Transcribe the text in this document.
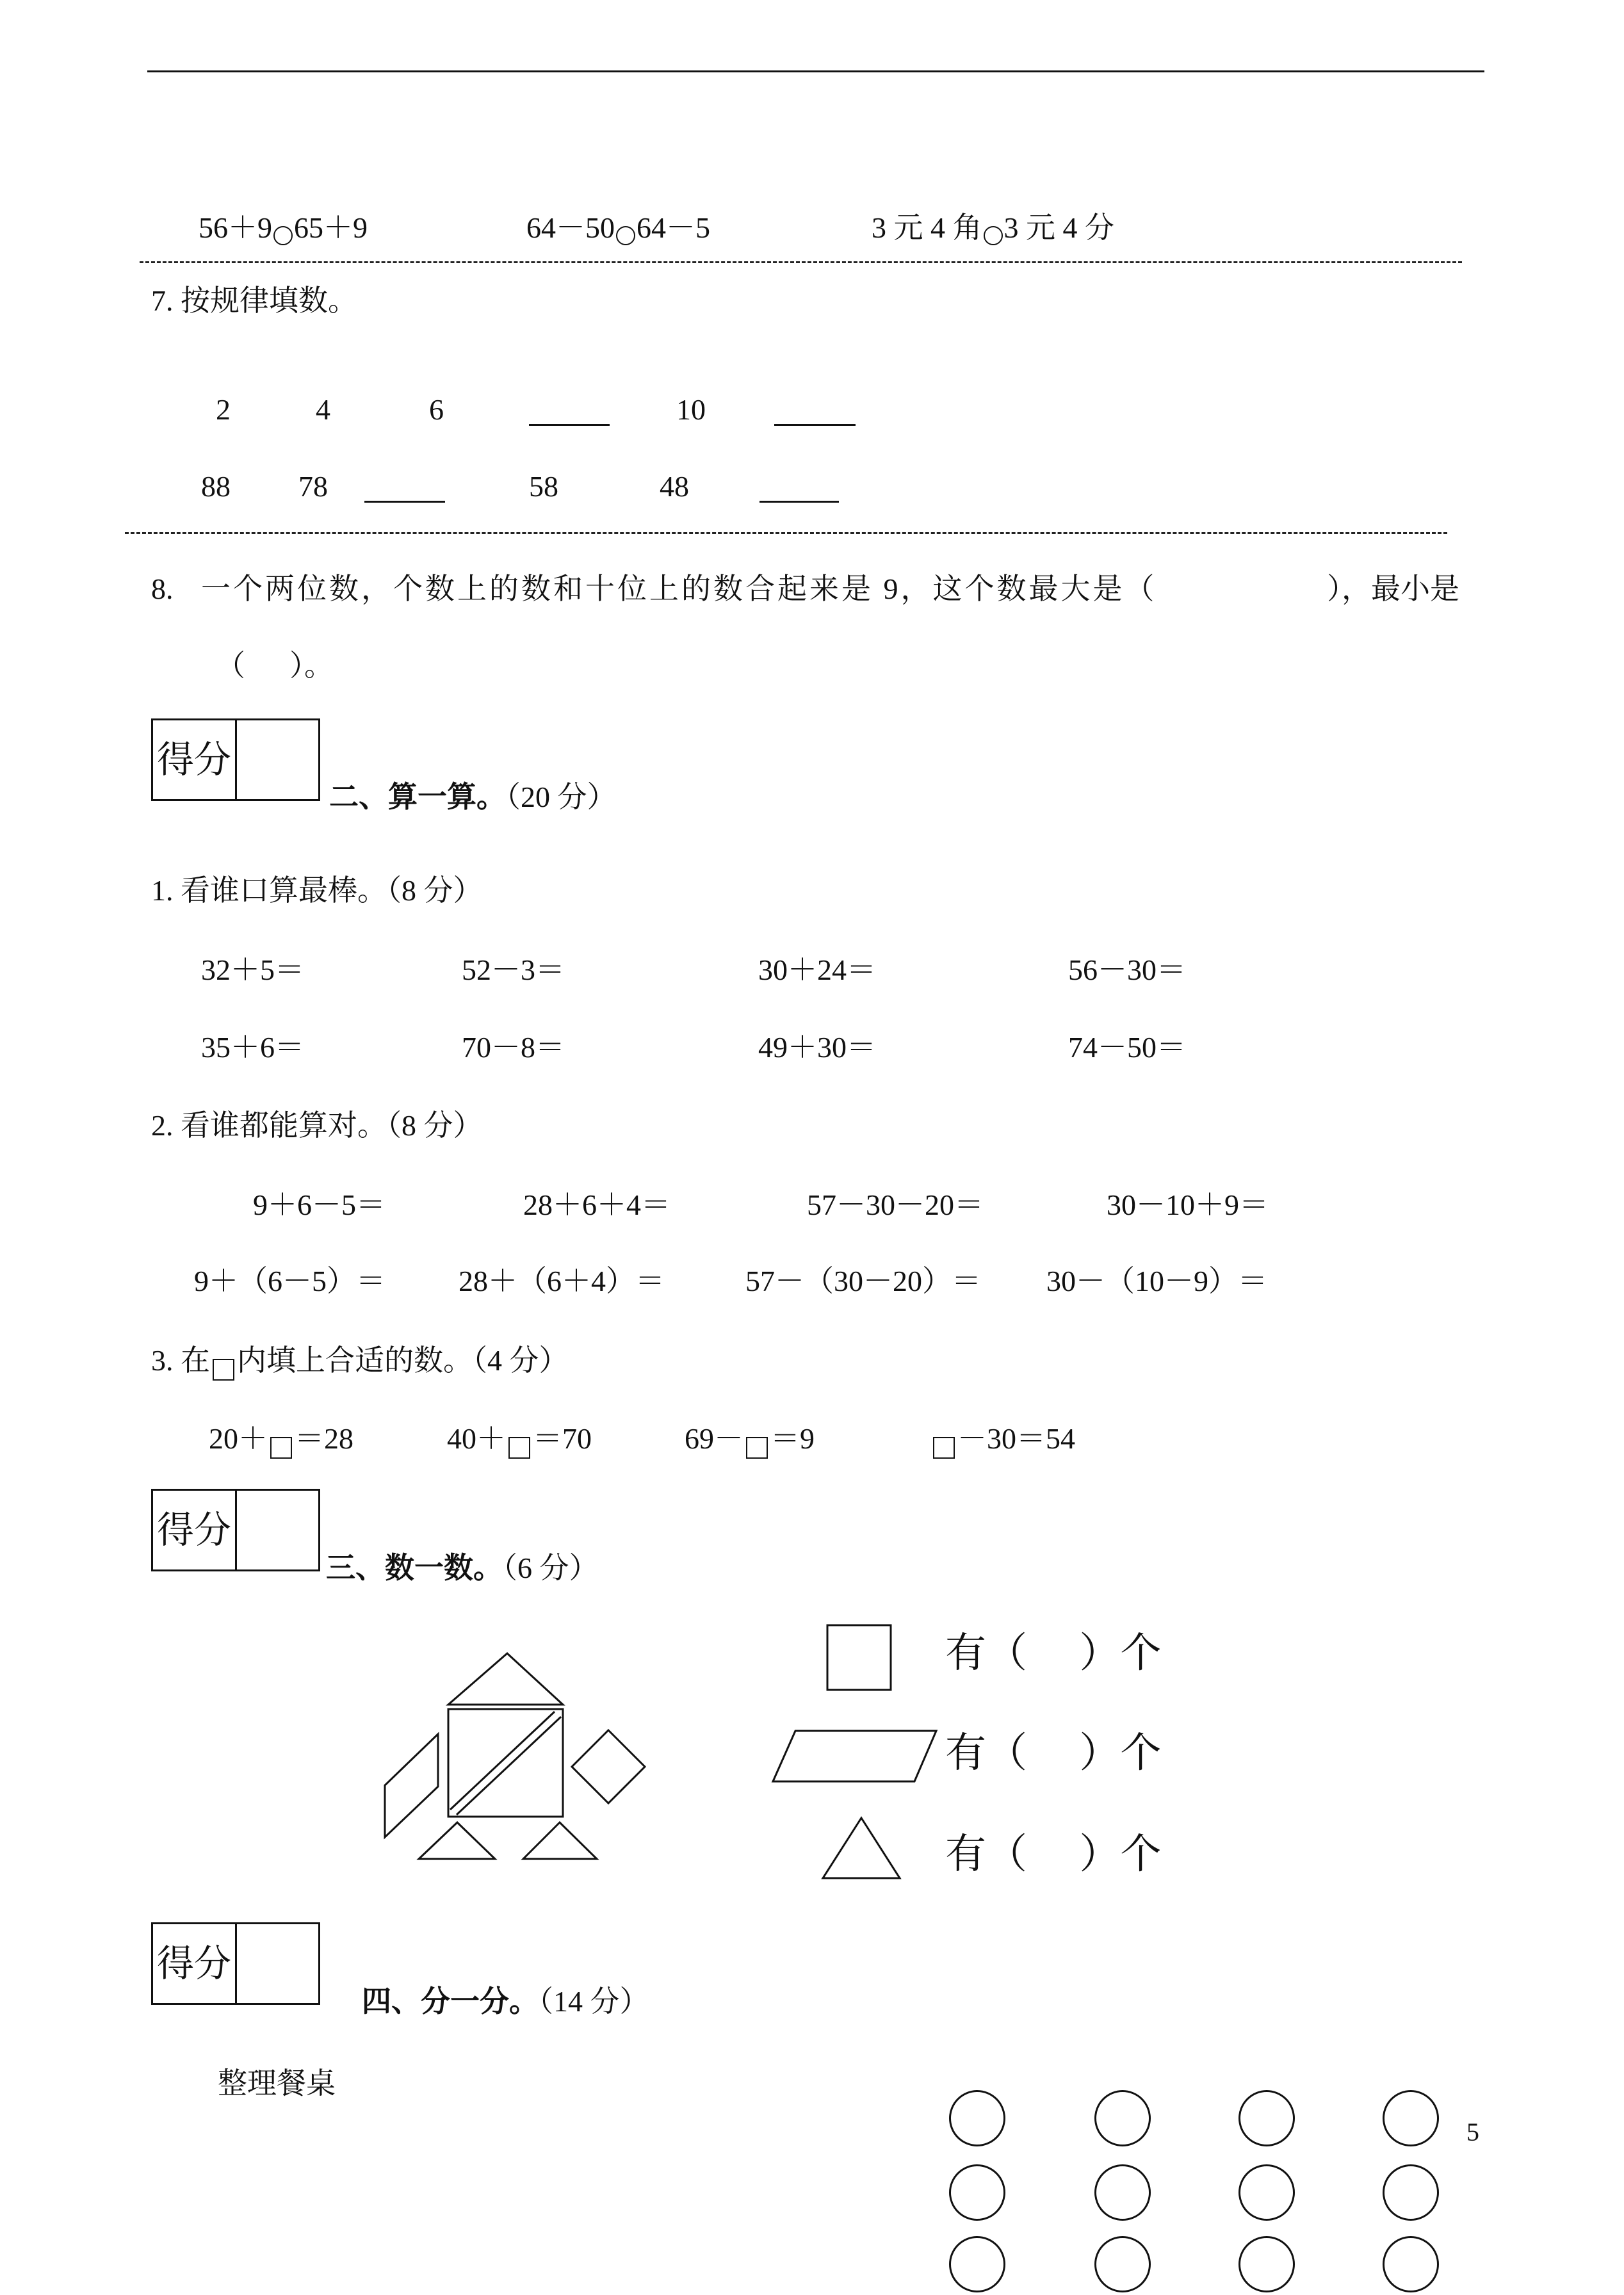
56＋9 65＋9	64－50 64－5	3 元 4 角 3 元 4 分
7. 按规律填数。
2	4	6	10
88 78	58	48
8. 一个两位数，个数上的数和十位上的数合起来是 9，这个数最大是（	），最小是
（      ）。
得分
二、算一算。（20 分）
1. 看谁口算最棒。（8 分）
32＋5＝	52－3＝	30＋24＝	56－30＝
35＋6＝	70－8＝	49＋30＝	74－50＝
2. 看谁都能算对。（8 分）
9＋6－5＝	28＋6＋4＝	57－30－20＝	30－10＋9＝
9＋（6－5）＝ 28＋（6＋4）＝	57－（30－20）＝ 30－（10－9）＝
3. 在 内填上合适的数。（4 分）
20＋ ＝28	40＋ ＝70	69－ ＝9	－30＝54
得分
三、数一数。（6 分）
有（    ）个
有（    ）个
有（    ）个
得分
四、分一分。（14 分）
整理餐桌
5
